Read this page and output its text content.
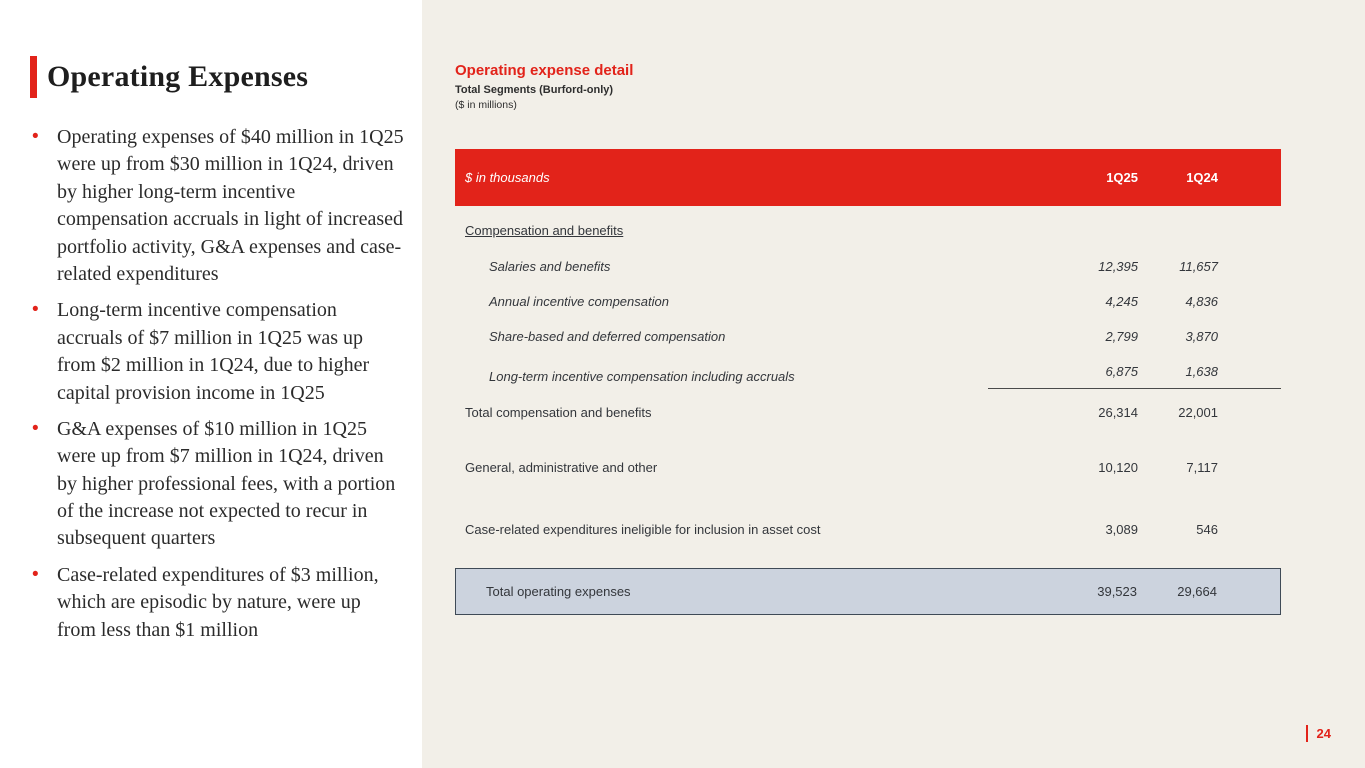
Operating Expenses
• Operating expenses of $40 million in 1Q25 were up from $30 million in 1Q24, driven by higher long-term incentive compensation accruals in light of increased portfolio activity, G&A expenses and case-related expenditures
• Long-term incentive compensation accruals of $7 million in 1Q25 was up from $2 million in 1Q24, due to higher capital provision income in 1Q25
• G&A expenses of $10 million in 1Q25 were up from $7 million in 1Q24, driven by higher professional fees, with a portion of the increase not expected to recur in subsequent quarters
• Case-related expenditures of $3 million, which are episodic by nature, were up from less than $1 million
Operating expense detail
Total Segments (Burford-only)
($ in millions)
$ in thousands	1Q25	1Q24
Compensation and benefits
Salaries and benefits	12,395	11,657
Annual incentive compensation	4,245	4,836
Share-based and deferred compensation	2,799	3,870
Long-term incentive compensation including accruals	6,875	1,638
Total compensation and benefits	26,314	22,001
General, administrative and other	10,120	7,117
Case-related expenditures ineligible for inclusion in asset cost	3,089	546
Total operating expenses	39,523	29,664
24
